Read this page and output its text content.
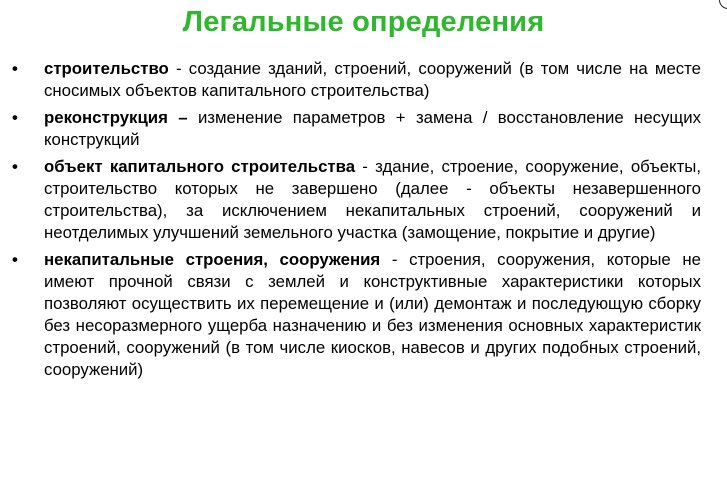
Легальные определения
• строительство - создание зданий, строений, сооружений (в том числе на месте сносимых объектов капитального строительства)
• реконструкция – изменение параметров + замена / восстановление несущих конструкций
• объект капитального строительства - здание, строение, сооружение, объекты, строительство которых не завершено (далее - объекты незавершенного строительства), за исключением некапитальных строений, сооружений и неотделимых улучшений земельного участка (замощение, покрытие и другие)
• некапитальные строения, сооружения - строения, сооружения, которые не имеют прочной связи с землей и конструктивные характеристики которых позволяют осуществить их перемещение и (или) демонтаж и последующую сборку без несоразмерного ущерба назначению и без изменения основных характеристик строений, сооружений (в том числе киосков, навесов и других подобных строений, сооружений)
